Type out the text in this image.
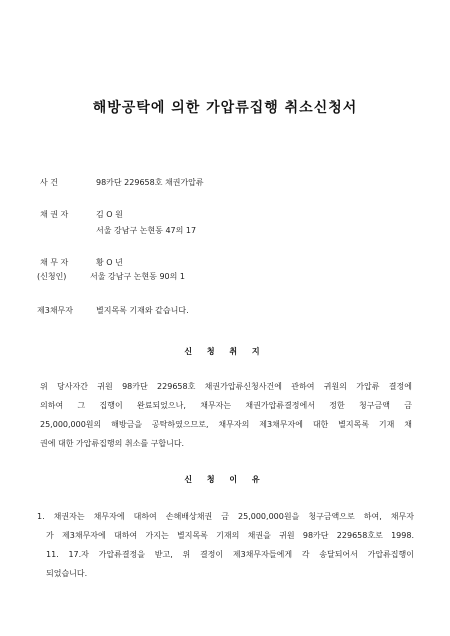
해방공탁에 의한 가압류집행 취소신청서
사 건	98카단 229658호 채권가압류
채 권 자	김 O 원
서울 강남구 논현동 47의 17
채 무 자	황 O 년
(신청인)	서울 강남구 논현동 90의 1
제3채무자	별지목록 기재와 같습니다.
신 청 취 지
위 당사자간 귀원 98카단 229658호 채권가압류신청사건에 관하여 귀원의 가압류 결정에
의하여 그 집행이 완료되었으나, 채무자는 채권가압류결정에서 정한 청구금액 금
25,000,000원의 해방금을 공탁하였으므로, 채무자의 제3채무자에 대한 별지목록 기재 채
권에 대한 가압류집행의 취소를 구합니다.
신 청 이 유
1. 채권자는 채무자에 대하여 손해배상채권 금 25,000,000원을 청구금액으로 하여, 채무자
가 제3채무자에 대하여 가지는 별지목록 기재의 채권을 귀원 98카단 229658호로 1998.
11. 17.자 가압류결정을 받고, 위 결정이 제3채무자들에게 각 송달되어서 가압류집행이
되었습니다.
